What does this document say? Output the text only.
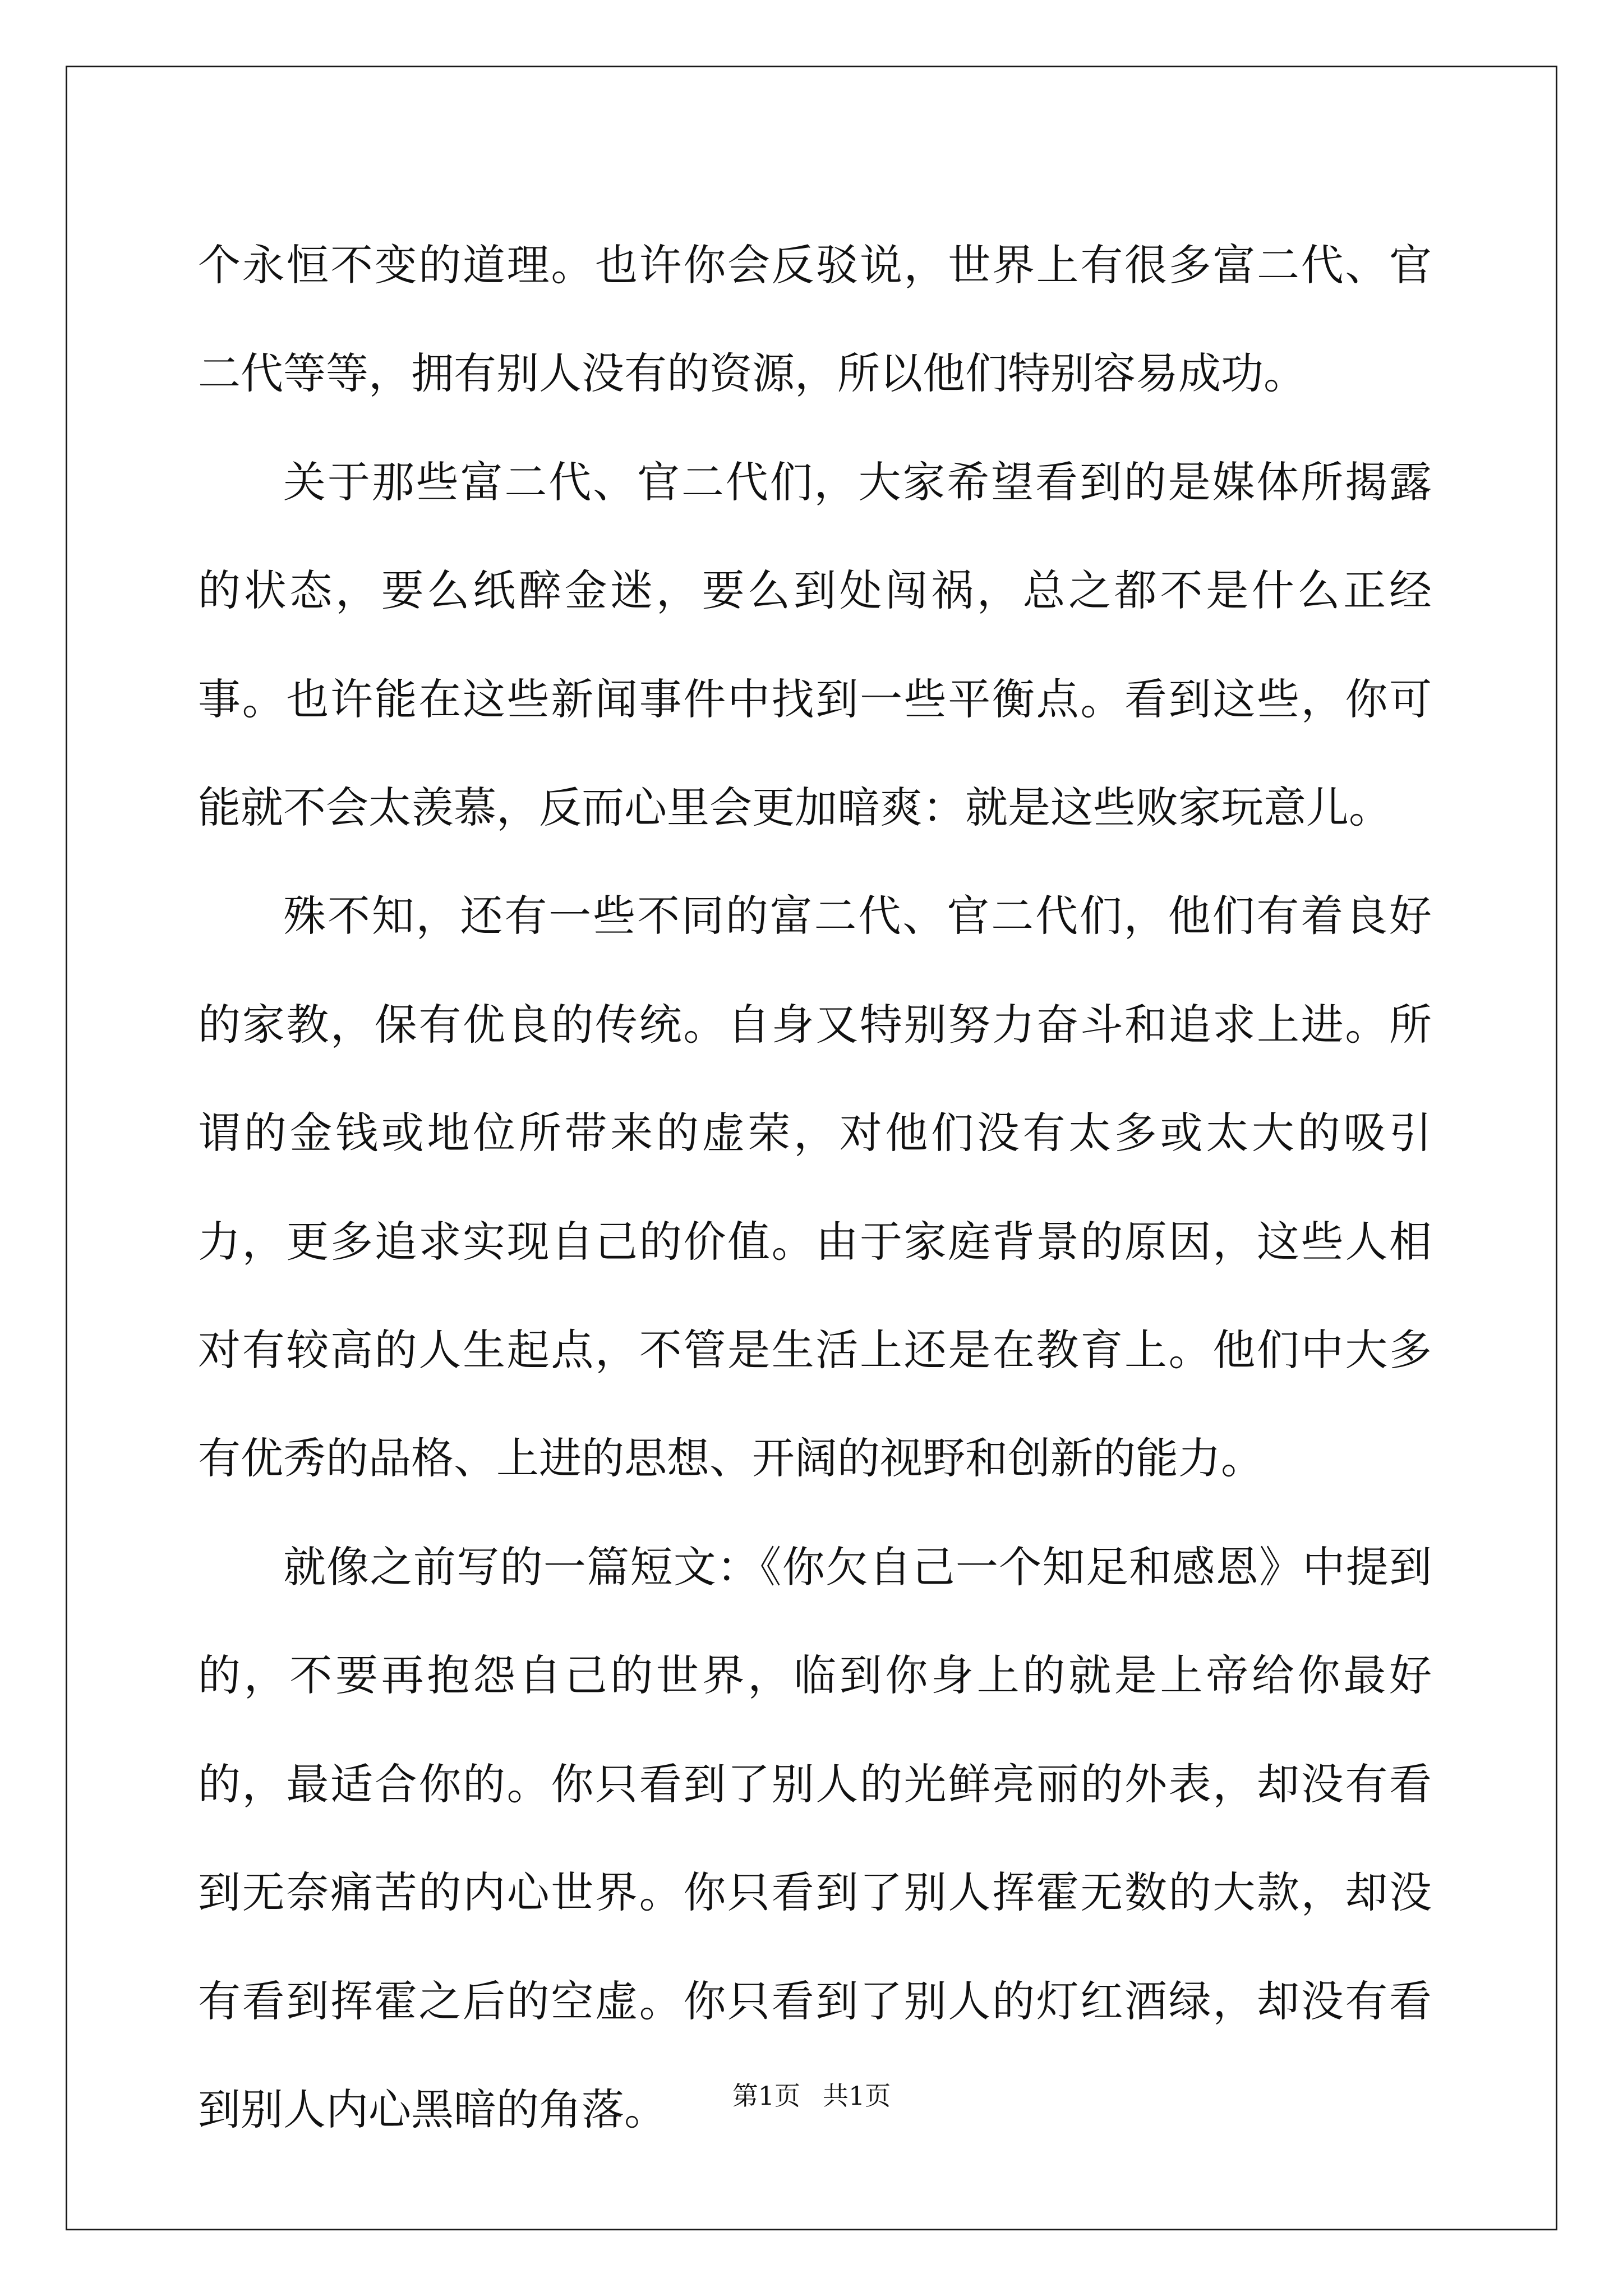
个永恒不变的道理。也许你会反驳说，世界上有很多富二代、官二代等等，拥有别人没有的资源，所以他们特别容易成功。

关于那些富二代、官二代们，大家希望看到的是媒体所揭露的状态，要么纸醉金迷，要么到处闯祸，总之都不是什么正经事。也许能在这些新闻事件中找到一些平衡点。看到这些，你可能就不会太羡慕，反而心里会更加暗爽：就是这些败家玩意儿。

殊不知，还有一些不同的富二代、官二代们，他们有着良好的家教，保有优良的传统。自身又特别努力奋斗和追求上进。所谓的金钱或地位所带来的虚荣，对他们没有太多或太大的吸引力，更多追求实现自己的价值。由于家庭背景的原因，这些人相对有较高的人生起点，不管是生活上还是在教育上。他们中大多有优秀的品格、上进的思想、开阔的视野和创新的能力。

就像之前写的一篇短文：《你欠自己一个知足和感恩》中提到的，不要再抱怨自己的世界，临到你身上的就是上帝给你最好的，最适合你的。你只看到了别人的光鲜亮丽的外表，却没有看到无奈痛苦的内心世界。你只看到了别人挥霍无数的大款，却没有看到挥霍之后的空虚。你只看到了别人的灯红酒绿，却没有看到别人内心黑暗的角落。	第1页 共1页
